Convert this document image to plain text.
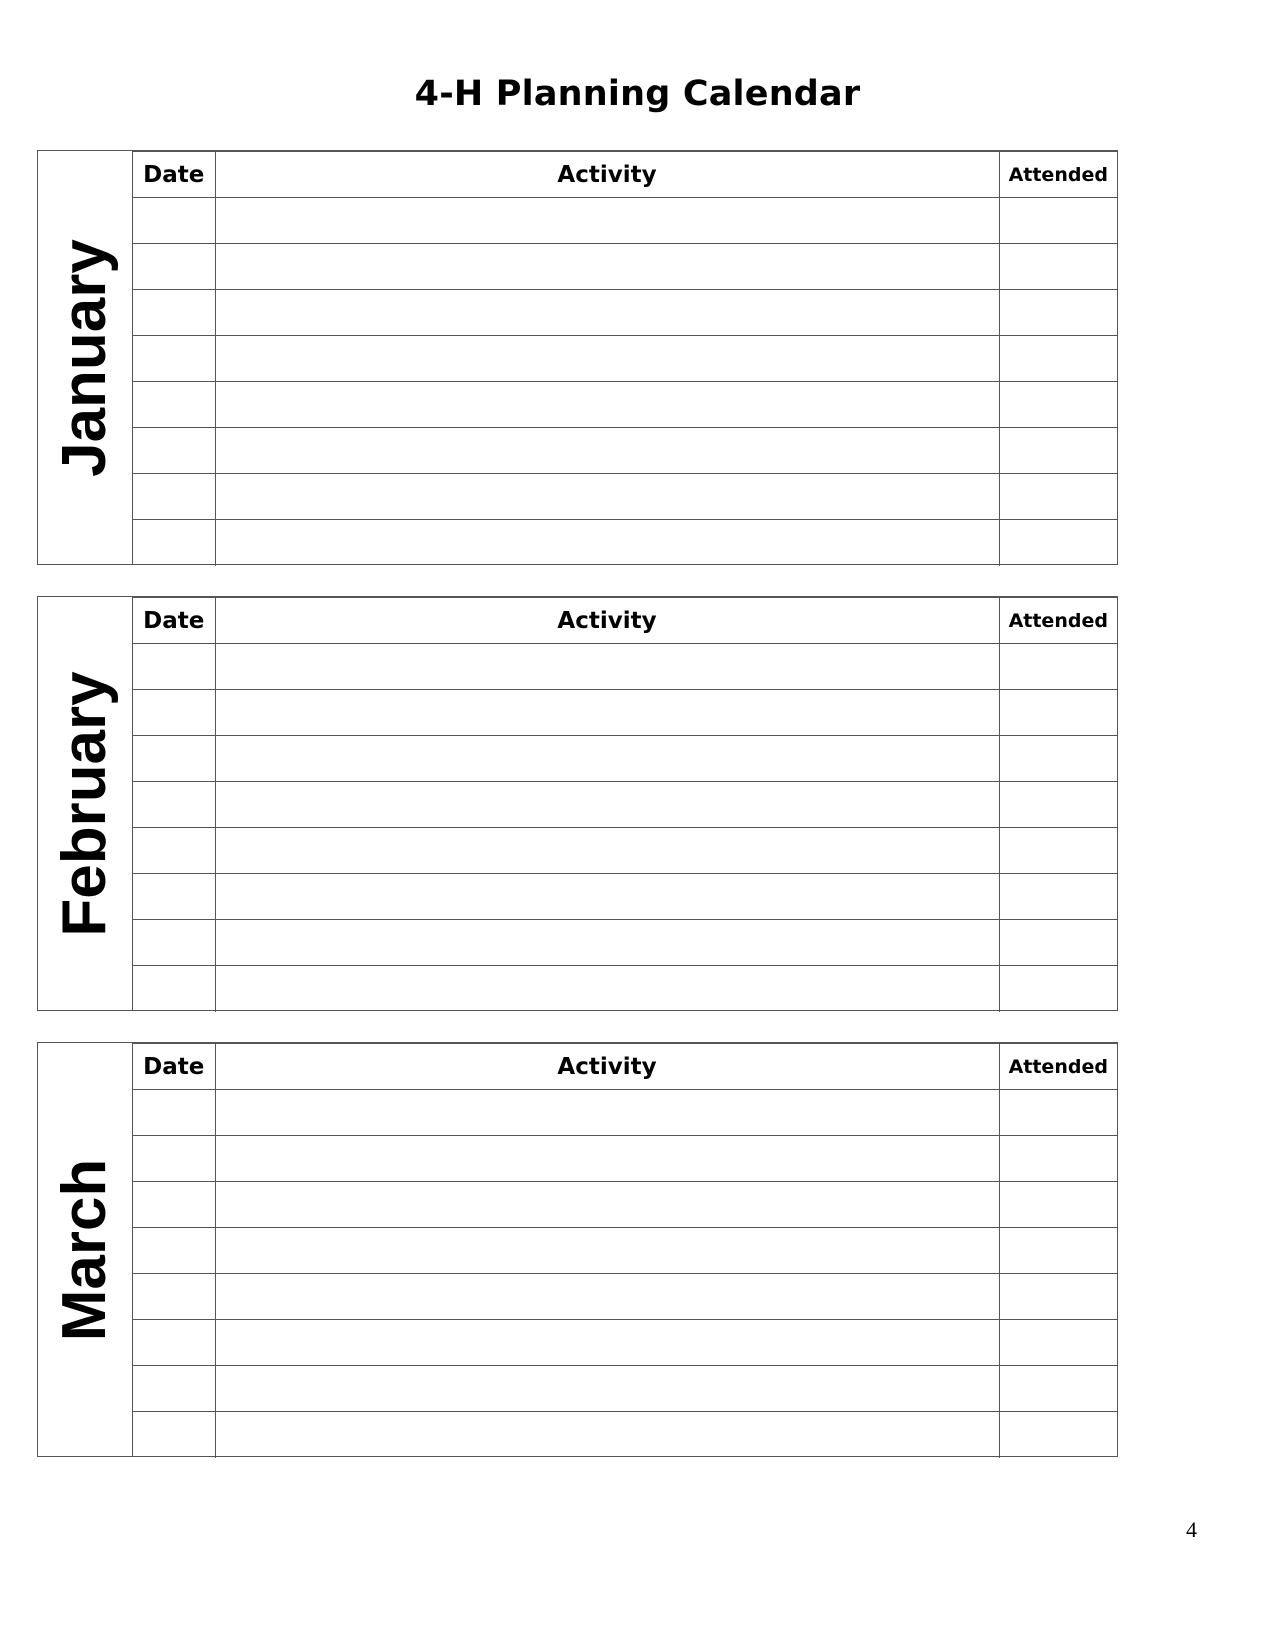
4-H Planning Calendar
January
Date	Activity	Attended

February
Date	Activity	Attended

March
Date	Activity	Attended

4
